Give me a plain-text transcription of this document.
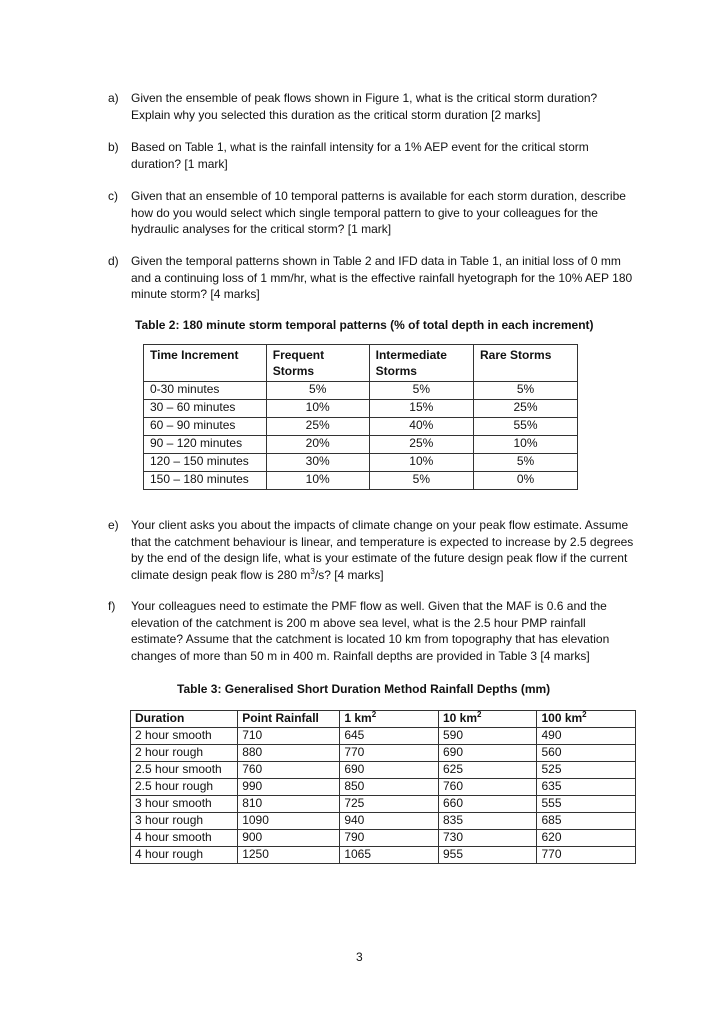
a) Given the ensemble of peak flows shown in Figure 1, what is the critical storm duration? Explain why you selected this duration as the critical storm duration [2 marks]
b) Based on Table 1, what is the rainfall intensity for a 1% AEP event for the critical storm duration? [1 mark]
c) Given that an ensemble of 10 temporal patterns is available for each storm duration, describe how do you would select which single temporal pattern to give to your colleagues for the hydraulic analyses for the critical storm? [1 mark]
d) Given the temporal patterns shown in Table 2 and IFD data in Table 1, an initial loss of 0 mm and a continuing loss of 1 mm/hr, what is the effective rainfall hyetograph for the 10% AEP 180 minute storm? [4 marks]
Table 2: 180 minute storm temporal patterns (% of total depth in each increment)
Time Increment	Frequent Storms	Intermediate Storms	Rare Storms
0-30 minutes	5%	5%	5%
30 – 60 minutes	10%	15%	25%
60 – 90 minutes	25%	40%	55%
90 – 120 minutes	20%	25%	10%
120 – 150 minutes	30%	10%	5%
150 – 180 minutes	10%	5%	0%
e) Your client asks you about the impacts of climate change on your peak flow estimate. Assume that the catchment behaviour is linear, and temperature is expected to increase by 2.5 degrees by the end of the design life, what is your estimate of the future design peak flow if the current climate design peak flow is 280 $m^3/s$? [4 marks]
f) Your colleagues need to estimate the PMF flow as well. Given that the MAF is 0.6 and the elevation of the catchment is 200 m above sea level, what is the 2.5 hour PMP rainfall estimate? Assume that the catchment is located 10 km from topography that has elevation changes of more than 50 m in 400 m. Rainfall depths are provided in Table 3 [4 marks]
Table 3: Generalised Short Duration Method Rainfall Depths (mm)
Duration	Point Rainfall	1 $km^2$	10 $km^2$	100 $km^2$
2 hour smooth	710	645	590	490
2 hour rough	880	770	690	560
2.5 hour smooth	760	690	625	525
2.5 hour rough	990	850	760	635
3 hour smooth	810	725	660	555
3 hour rough	1090	940	835	685
4 hour smooth	900	790	730	620
4 hour rough	1250	1065	955	770
3
